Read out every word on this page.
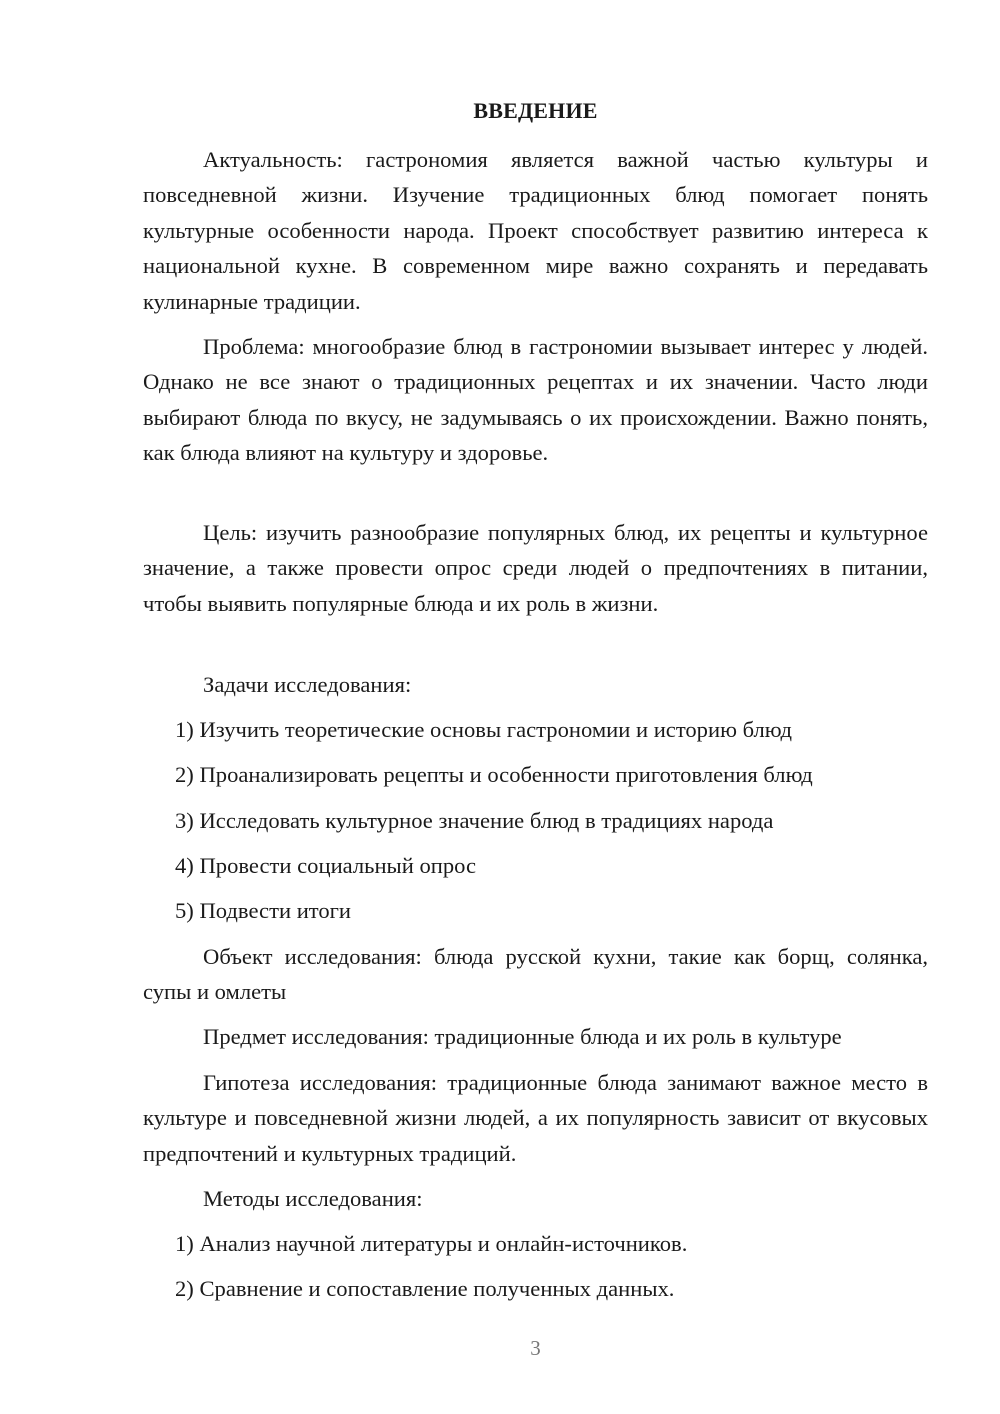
ВВЕДЕНИЕ

Актуальность: гастрономия является важной частью культуры и повседневной жизни. Изучение традиционных блюд помогает понять культурные особенности народа. Проект способствует развитию интереса к национальной кухне. В современном мире важно сохранять и передавать кулинарные традиции.

Проблема: многообразие блюд в гастрономии вызывает интерес у людей. Однако не все знают о традиционных рецептах и их значении. Часто люди выбирают блюда по вкусу, не задумываясь о их происхождении. Важно понять, как блюда влияют на культуру и здоровье.

Цель: изучить разнообразие популярных блюд, их рецепты и культурное значение, а также провести опрос среди людей о предпочтениях в питании, чтобы выявить популярные блюда и их роль в жизни.

Задачи исследования:
1) Изучить теоретические основы гастрономии и историю блюд
2) Проанализировать рецепты и особенности приготовления блюд
3) Исследовать культурное значение блюд в традициях народа
4) Провести социальный опрос
5) Подвести итоги

Объект исследования: блюда русской кухни, такие как борщ, солянка, супы и омлеты

Предмет исследования: традиционные блюда и их роль в культуре

Гипотеза исследования: традиционные блюда занимают важное место в культуре и повседневной жизни людей, а их популярность зависит от вкусовых предпочтений и культурных традиций.

Методы исследования:
1) Анализ научной литературы и онлайн-источников.
2) Сравнение и сопоставление полученных данных.
3
